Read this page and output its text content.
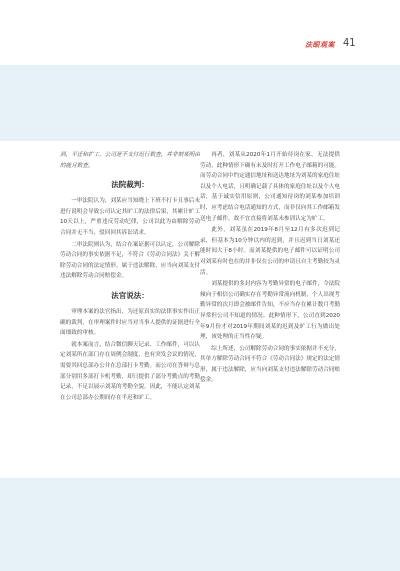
法眼观案 41

到，平迁和扩工，公司是不支付迟行数查，并非刻某明由的能月数查。

法院裁判：

一审法院认为，刘某应当知晓上下班不打卡且事后未进行说明会导致公司认定其旷工的法律后果，其累计旷工10天以上，严重违反劳动纪律，公司以此为由解除劳动合同并无不当，驳回回其诉讼请求。

二审法院则认为，结合在案证据可以认定，公司解除劳动合同的事实依据不足，不符合《劳动合同法》关于解除劳动合同的法定情形，属于违法解除，应当向刘某支付违法解除劳动合同赔偿金。

法官说法：

审理本案的法官指出，为还原真实的法律事实作出正确的裁判，在审理案件时应当对当事人提供的证据进行全面细致的审核。

就本案而言，结合微信聊天记录、工作邮件，可以认定刘某所在部门存在周例会制度，也有突发会议的情况，需要其回总部办公并在总部打卡考勤。而公司在答辩与总部分别用多部打卡机考勤，却只提供了部分考勤点的考勤记录，不足以展示刘某的考勤全貌。因此，不能认定刘某在公司总部办公期间存在半迟和旷工。

再者，刘某从2020年1月开始待岗在家，无法提供劳动，此种情形下确有未及时打开工作电子邮箱的可能。而劳动合同中约定通信地址和送达地址为刘某的家庭住址以及个人电话，且明确记载了具体的家庭住址以及个人电话，基于诚实信用原则，公司通知待岗的刘某参加培训时，应考虑结合电话通知的方式，而非仅向其工作邮箱发送电子邮件，故不宜直接将刘某未参训认定为旷工。

此外，刘某虽在2019年8月至12月有多次迟到记录，但基本为10分钟以内的迟到，并且迟到当日刘某还能时间大于8小时。而刘某提供的电子邮件可以证明公司对刘某有时也在的并非仅在公司的申请且自主考勤较为灵活。

刘某提供的多封内容为考勤异常的电子邮件，令法院倾向于相信公司确实存在考勤异常流向机制，个人出现考勤异常的次月即会被邮件告知，不应当存在累计数月考勤异常但公司不知道的情况。此种情形下，公司直到2020年9月份才对2019年期间刘某的迟到及旷工行为做出处理，该处理的正当性存疑。

综上所述，公司解除劳动合同的事实依据并不充分，其单方解除劳动合同不符合《劳动合同法》规定的法定情形，属于违法解除，应当向刘某支付违法解除劳动合同赔偿金。
